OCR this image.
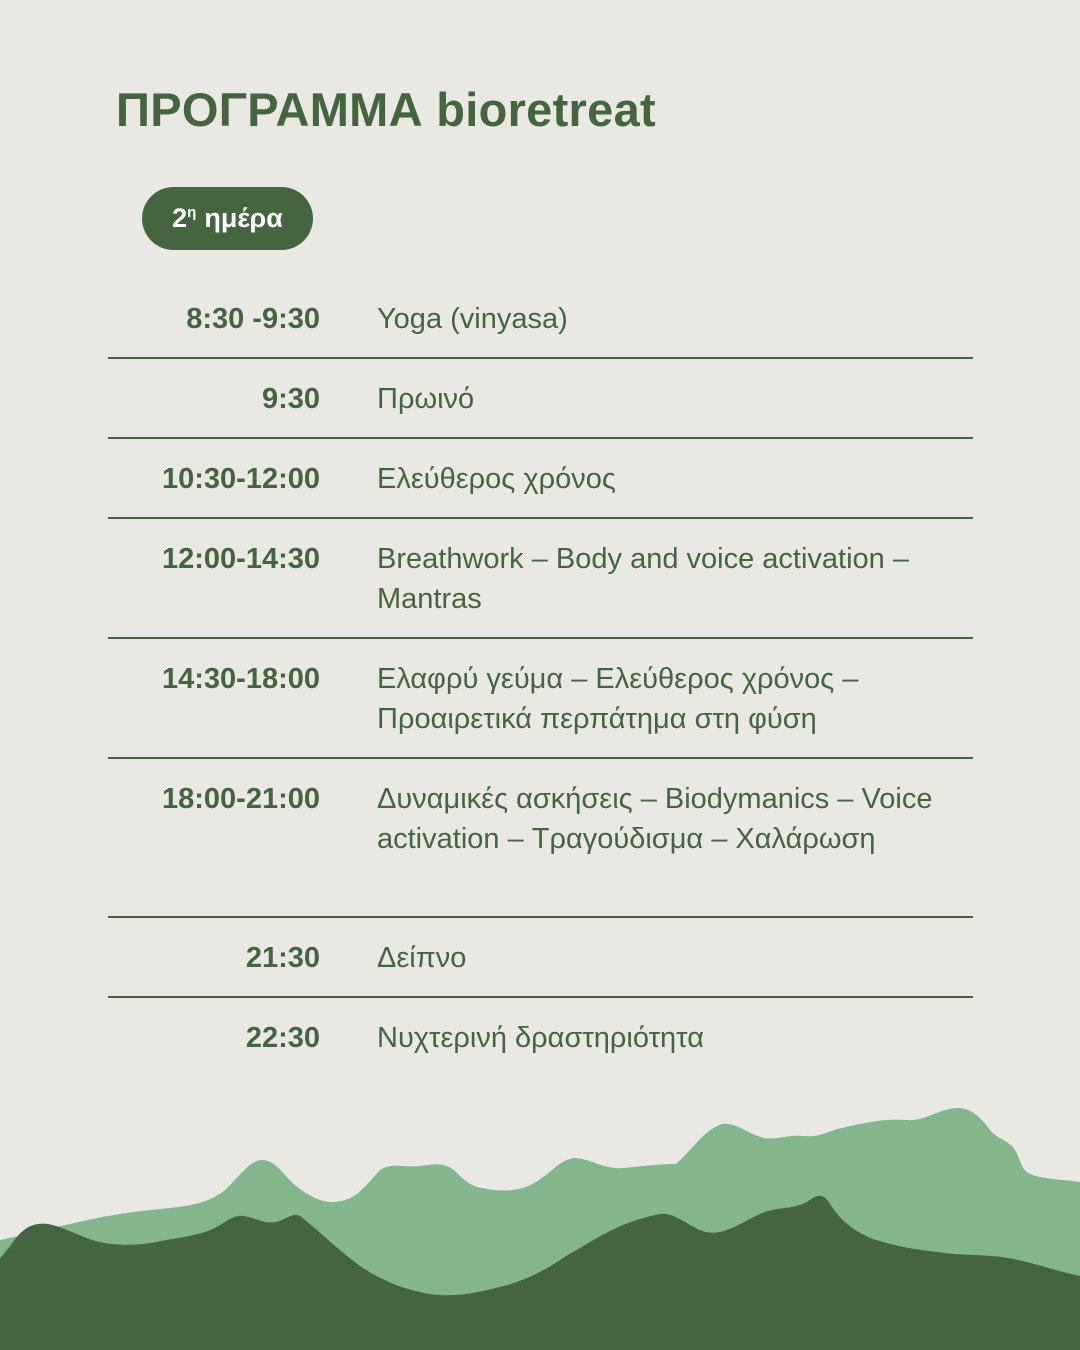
ΠΡΟΓΡΑΜΜΑ bioretreat
$2^\eta$ ημέρα
8:30 -9:30 Yoga (vinyasa)
9:30 Πρωινό
10:30-12:00 Ελεύθερος χρόνος
12:00-14:30 Breathwork – Body and voice activation – Mantras
14:30-18:00 Ελαφρύ γεύμα – Ελεύθερος χρόνος – Προαιρετικά περπάτημα στη φύση
18:00-21:00 Δυναμικές ασκήσεις – Biodymanics – Voice activation – Τραγούδισμα – Χαλάρωση
21:30 Δείπνο
22:30 Νυχτερινή δραστηριότητα
